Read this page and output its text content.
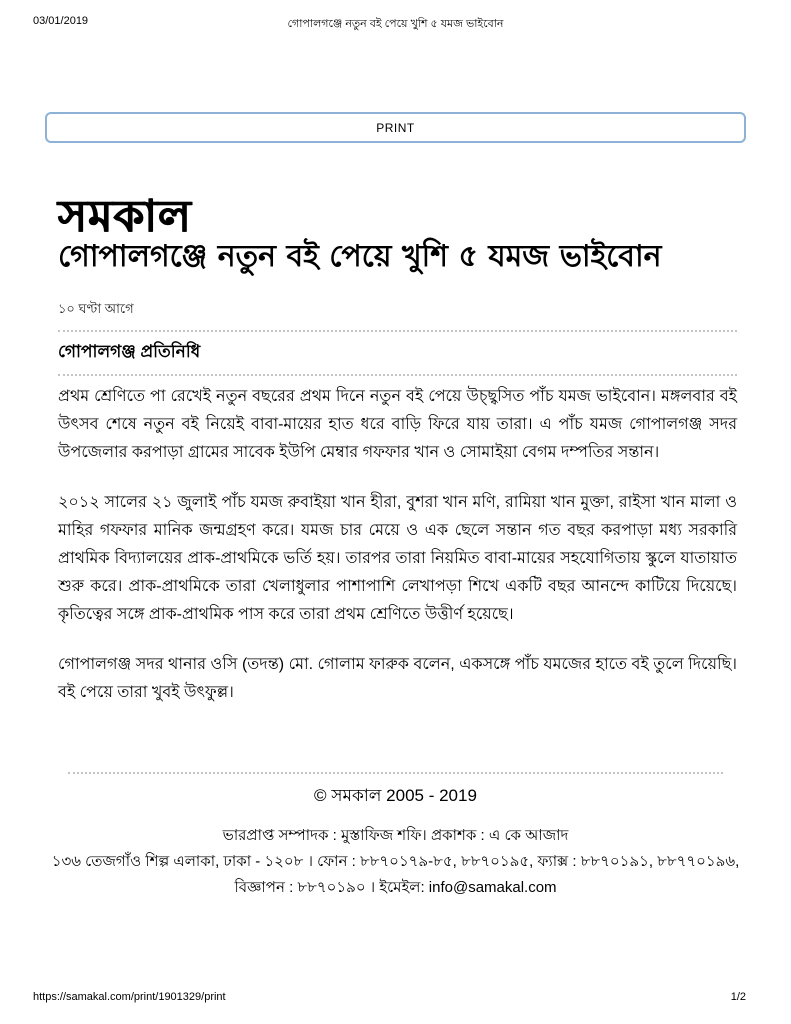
03/01/2019	গোপালগঞ্জে নতুন বই পেয়ে খুশি ৫ যমজ ভাইবোন
PRINT
সমকাল
গোপালগঞ্জে নতুন বই পেয়ে খুশি ৫ যমজ ভাইবোন
১০ ঘণ্টা আগে
গোপালগঞ্জ প্রতিনিধি

প্রথম শ্রেণিতে পা রেখেই নতুন বছরের প্রথম দিনে নতুন বই পেয়ে উচ্ছ্বসিত পাঁচ যমজ ভাইবোন। মঙ্গলবার বই উৎসব শেষে নতুন বই নিয়েই বাবা-মায়ের হাত ধরে বাড়ি ফিরে যায় তারা। এ পাঁচ যমজ গোপালগঞ্জ সদর উপজেলার করপাড়া গ্রামের সাবেক ইউপি মেম্বার গফফার খান ও সোমাইয়া বেগম দম্পতির সন্তান।

২০১২ সালের ২১ জুলাই পাঁচ যমজ রুবাইয়া খান হীরা, বুশরা খান মণি, রামিয়া খান মুক্তা, রাইসা খান মালা ও মাহির গফফার মানিক জন্মগ্রহণ করে। যমজ চার মেয়ে ও এক ছেলে সন্তান গত বছর করপাড়া মধ্য সরকারি প্রাথমিক বিদ্যালয়ের প্রাক-প্রাথমিকে ভর্তি হয়। তারপর তারা নিয়মিত বাবা-মায়ের সহযোগিতায় স্কুলে যাতায়াত শুরু করে। প্রাক-প্রাথমিকে তারা খেলাধুলার পাশাপাশি লেখাপড়া শিখে একটি বছর আনন্দে কাটিয়ে দিয়েছে। কৃতিত্বের সঙ্গে প্রাক-প্রাথমিক পাস করে তারা প্রথম শ্রেণিতে উত্তীর্ণ হয়েছে।

গোপালগঞ্জ সদর থানার ওসি (তদন্ত) মো. গোলাম ফারুক বলেন, একসঙ্গে পাঁচ যমজের হাতে বই তুলে দিয়েছি। বই পেয়ে তারা খুবই উৎফুল্ল।

© সমকাল 2005 - 2019
ভারপ্রাপ্ত সম্পাদক : মুস্তাফিজ শফি। প্রকাশক : এ কে আজাদ
১৩৬ তেজগাঁও শিল্প এলাকা, ঢাকা - ১২০৮ । ফোন : ৮৮৭০১৭৯-৮৫, ৮৮৭০১৯৫, ফ্যাক্স : ৮৮৭০১৯১, ৮৮৭৭০১৯৬,
বিজ্ঞাপন : ৮৮৭০১৯০ । ইমেইল: info@samakal.com
https://samakal.com/print/1901329/print	1/2
